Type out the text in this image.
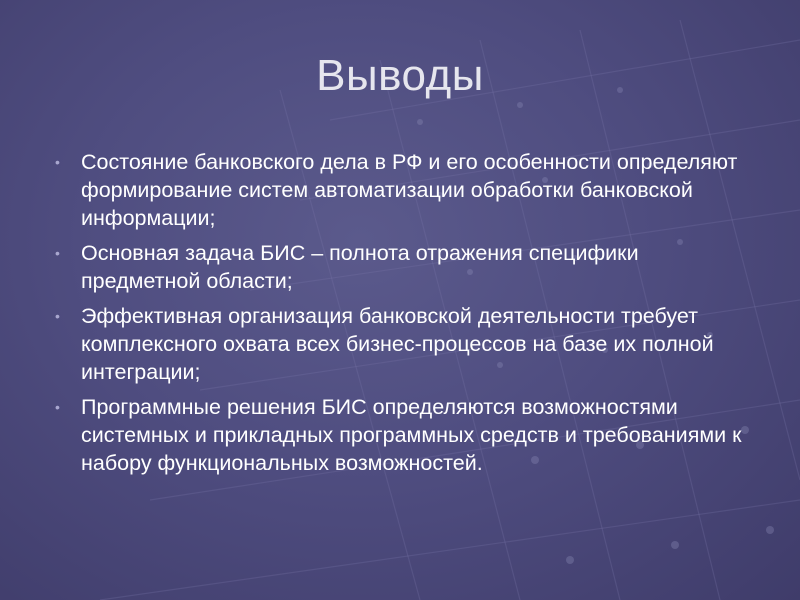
Выводы
• Состояние банковского дела в РФ и его особенности определяют формирование систем автоматизации обработки банковской информации;
• Основная задача БИС – полнота отражения специфики предметной области;
• Эффективная организация банковской деятельности требует комплексного охвата всех бизнес-процессов на базе их полной интеграции;
• Программные решения БИС определяются возможностями системных и прикладных программных средств и требованиями к набору функциональных возможностей.
